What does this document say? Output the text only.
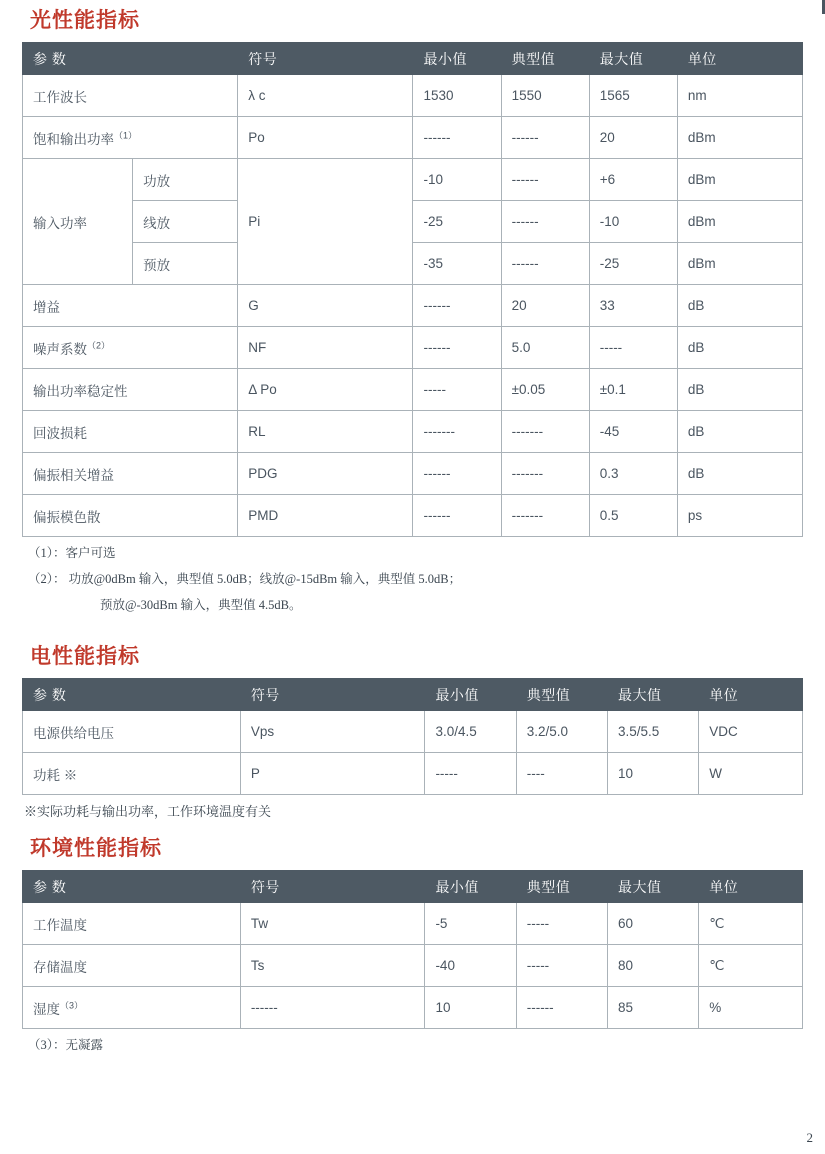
光性能指标
参 数		符号	最小值	典型值	最大值	单位
工作波长		λ c	1530	1550	1565	nm
饱和输出功率$^{(1)}$		Po	------	------	20	dBm
输入功率	功放	Pi	-10	------	+6	dBm
	线放		-25	------	-10	dBm
	预放		-35	------	-25	dBm
增益		G	------	20	33	dB
噪声系数$^{(2)}$		NF	------	5.0	-----	dB
输出功率稳定性		Δ Po	-----	±0.05	±0.1	dB
回波损耗		RL	-------	-------	-45	dB
偏振相关增益		PDG	------	-------	0.3	dB
偏振模色散		PMD	------	-------	0.5	ps
（1）：客户可选
（2）： 功放@0dBm 输入，典型值 5.0dB；线放@-15dBm 输入，典型值 5.0dB；
预放@-30dBm 输入，典型值 4.5dB。
电性能指标
参 数	符号	最小值	典型值	最大值	单位
电源供给电压	Vps	3.0/4.5	3.2/5.0	3.5/5.5	VDC
功耗 ※	P	-----	----	10	W
※实际功耗与输出功率，工作环境温度有关
环境性能指标
参 数	符号	最小值	典型值	最大值	单位
工作温度	Tw	-5	-----	60	℃
存储温度	Ts	-40	-----	80	℃
湿度$^{(3)}$	------	10	------	85	%
（3）：无凝露
2
